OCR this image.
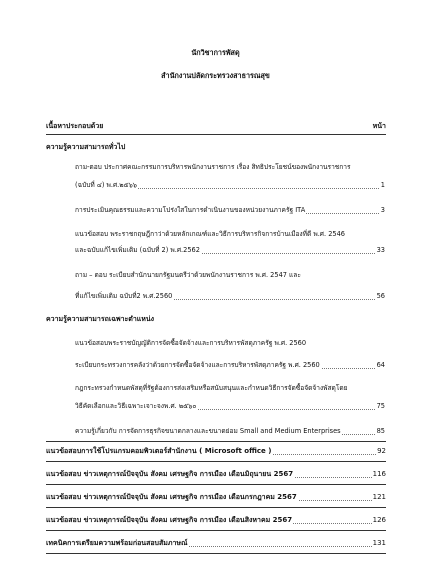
นักวิชาการพัสดุ
สำนักงานปลัดกระทรวงสาธารณสุข
เนื้อหาประกอบด้วย	หน้า
ความรู้ความสามารถทั่วไป
ถาม-ตอบ ประกาศคณะกรรมการบริหารพนักงานราชการ เรื่อง สิทธิประโยชน์ของพนักงานราชการ
(ฉบับที่ ๔) พ.ศ.๒๕๖๖	1
การประเมินคุณธรรมและความโปร่งใสในการดำเนินงานของหน่วยงานภาครัฐ ITA	3
แนวข้อสอบ พระราชกฤษฎีกาว่าด้วยหลักเกณฑ์และวิธีการบริหารกิจการบ้านเมืองที่ดี พ.ศ. 2546
และฉบับแก้ไขเพิ่มเติม (ฉบับที่ 2) พ.ศ.2562	33
ถาม – ตอบ ระเบียบสำนักนายกรัฐมนตรีว่าด้วยพนักงานราชการ พ.ศ. 2547 และ
ที่แก้ไขเพิ่มเติม ฉบับที่2 พ.ศ.2560	56
ความรู้ความสามารถเฉพาะตำแหน่ง
แนวข้อสอบพระราชบัญญัติการจัดซื้อจัดจ้างและการบริหารพัสดุภาครัฐ พ.ศ. 2560
ระเบียบกระทรวงการคลังว่าด้วยการจัดซื้อจัดจ้างและการบริหารพัสดุภาครัฐ พ.ศ. 2560	64
กฎกระทรวงกำหนดพัสดุที่รัฐต้องการส่งเสริมหรือสนับสนุนและกำหนดวิธีการจัดซื้อจัดจ้างพัสดุโดย
วิธีคัดเลือกและวิธีเฉพาะเจาะจงพ.ศ. ๒๕๖๐	75
ความรู้เกี่ยวกับ การจัดการธุรกิจขนาดกลางและขนาดย่อม Small and Medium Enterprises	85
แนวข้อสอบการใช้โปรแกรมคอมพิวเตอร์สำนักงาน ( Microsoft office )	92
แนวข้อสอบ ข่าวเหตุการณ์ปัจจุบัน สังคม เศรษฐกิจ การเมือง เดือนมิถุนายน 2567	116
แนวข้อสอบ ข่าวเหตุการณ์ปัจจุบัน สังคม เศรษฐกิจ การเมือง เดือนกรกฎาคม 2567	121
แนวข้อสอบ ข่าวเหตุการณ์ปัจจุบัน สังคม เศรษฐกิจ การเมือง เดือนสิงหาคม 2567	126
เทคนิคการเตรียมความพร้อมก่อนสอบสัมภาษณ์	131
